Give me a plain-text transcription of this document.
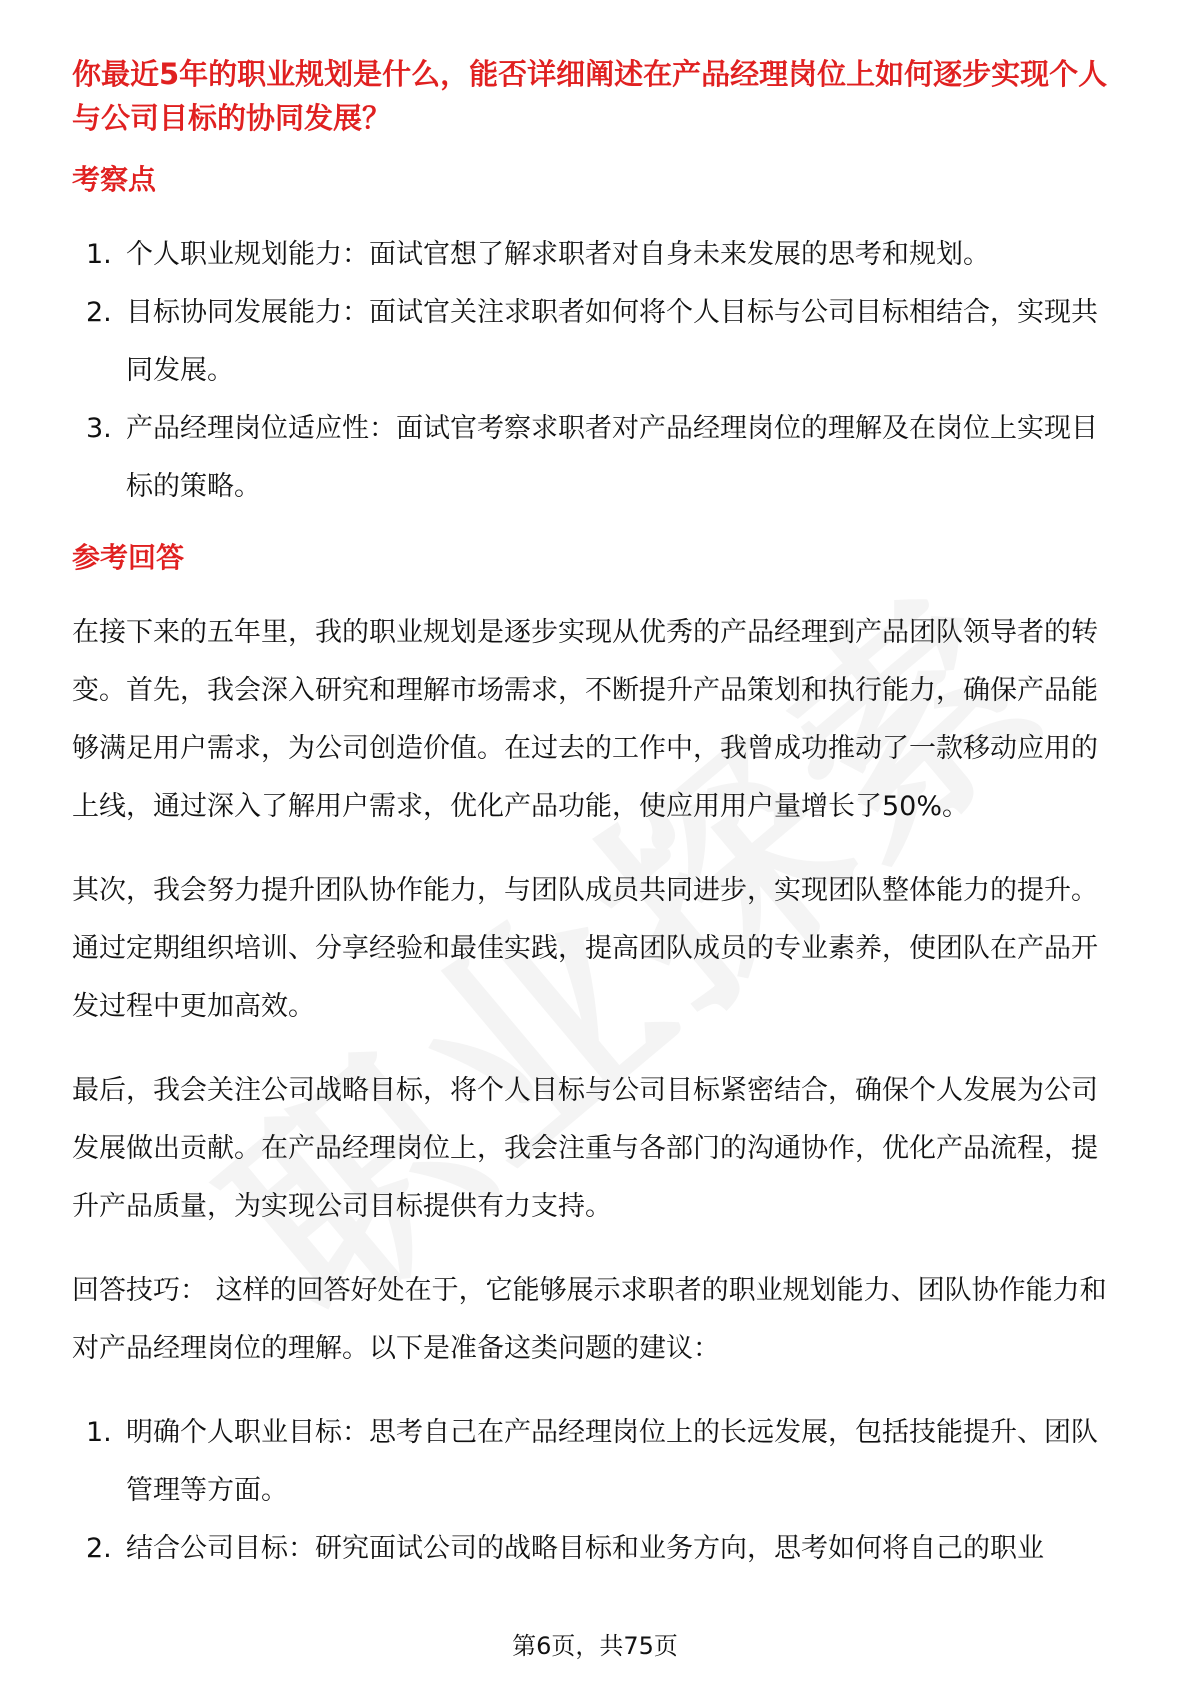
你最近5年的职业规划是什么，能否详细阐述在产品经理岗位上如何逐步实现个人与公司目标的协同发展？
考察点
1. 个人职业规划能力：面试官想了解求职者对自身未来发展的思考和规划。
2. 目标协同发展能力：面试官关注求职者如何将个人目标与公司目标相结合，实现共同发展。
3. 产品经理岗位适应性：面试官考察求职者对产品经理岗位的理解及在岗位上实现目标的策略。
参考回答

在接下来的五年里，我的职业规划是逐步实现从优秀的产品经理到产品团队领导者的转变。首先，我会深入研究和理解市场需求，不断提升产品策划和执行能力，确保产品能够满足用户需求，为公司创造价值。在过去的工作中，我曾成功推动了一款移动应用的上线，通过深入了解用户需求，优化产品功能，使应用用户量增长了50%。

其次，我会努力提升团队协作能力，与团队成员共同进步，实现团队整体能力的提升。通过定期组织培训、分享经验和最佳实践，提高团队成员的专业素养，使团队在产品开发过程中更加高效。

最后，我会关注公司战略目标，将个人目标与公司目标紧密结合，确保个人发展为公司发展做出贡献。在产品经理岗位上，我会注重与各部门的沟通协作，优化产品流程，提升产品质量，为实现公司目标提供有力支持。

回答技巧： 这样的回答好处在于，它能够展示求职者的职业规划能力、团队协作能力和对产品经理岗位的理解。以下是准备这类问题的建议：

1. 明确个人职业目标：思考自己在产品经理岗位上的长远发展，包括技能提升、团队管理等方面。
2. 结合公司目标：研究面试公司的战略目标和业务方向，思考如何将自己的职业
第6页，共75页
